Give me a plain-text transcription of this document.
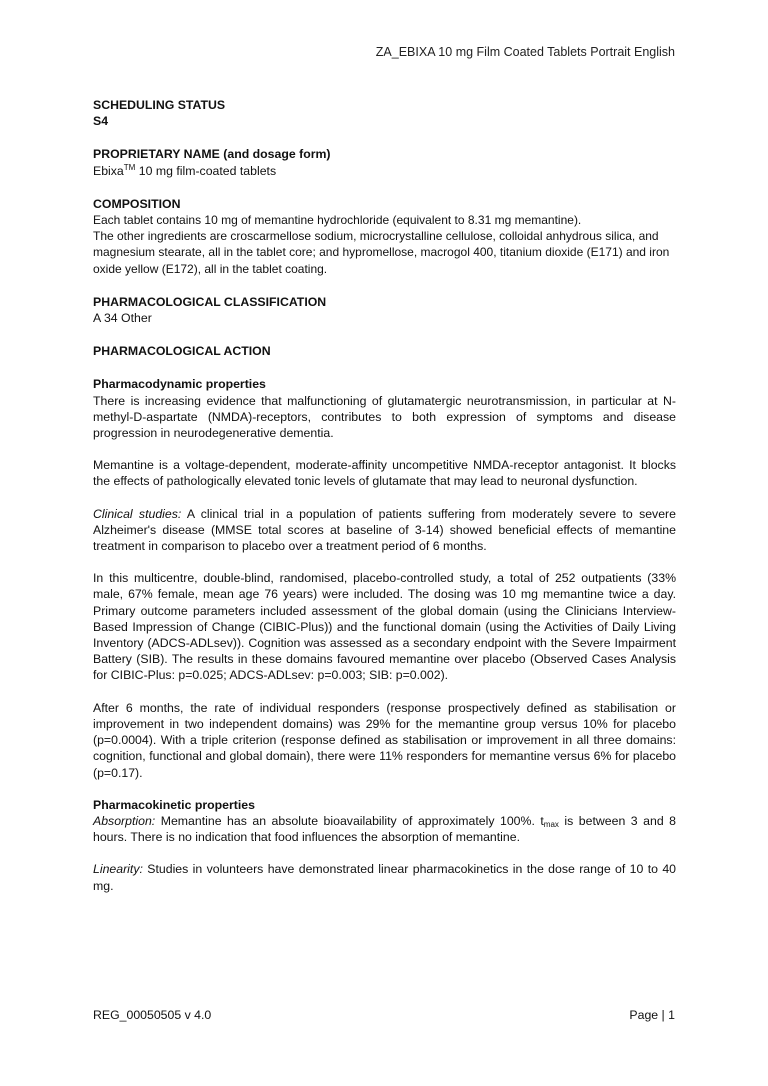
ZA_EBIXA 10 mg Film Coated Tablets Portrait English

SCHEDULING STATUS

S4

PROPRIETARY NAME (and dosage form)

Ebixa™ 10 mg film-coated tablets

COMPOSITION

Each tablet contains 10 mg of memantine hydrochloride (equivalent to 8.31 mg memantine).

The other ingredients are croscarmellose sodium, microcrystalline cellulose, colloidal anhydrous silica, and magnesium stearate, all in the tablet core; and hypromellose, macrogol 400, titanium dioxide (E171) and iron oxide yellow (E172), all in the tablet coating.

PHARMACOLOGICAL CLASSIFICATION

A 34 Other

PHARMACOLOGICAL ACTION

Pharmacodynamic properties

There is increasing evidence that malfunctioning of glutamatergic neurotransmission, in particular at N-methyl-D-aspartate (NMDA)-receptors, contributes to both expression of symptoms and disease progression in neurodegenerative dementia.

Memantine is a voltage-dependent, moderate-affinity uncompetitive NMDA-receptor antagonist. It blocks the effects of pathologically elevated tonic levels of glutamate that may lead to neuronal dysfunction.

Clinical studies: A clinical trial in a population of patients suffering from moderately severe to severe Alzheimer's disease (MMSE total scores at baseline of 3-14) showed beneficial effects of memantine treatment in comparison to placebo over a treatment period of 6 months.

In this multicentre, double-blind, randomised, placebo-controlled study, a total of 252 outpatients (33% male, 67% female, mean age 76 years) were included. The dosing was 10 mg memantine twice a day. Primary outcome parameters included assessment of the global domain (using the Clinicians Interview-Based Impression of Change (CIBIC-Plus)) and the functional domain (using the Activities of Daily Living Inventory (ADCS-ADLsev)). Cognition was assessed as a secondary endpoint with the Severe Impairment Battery (SIB). The results in these domains favoured memantine over placebo (Observed Cases Analysis for CIBIC-Plus: p=0.025; ADCS-ADLsev: p=0.003; SIB: p=0.002).

After 6 months, the rate of individual responders (response prospectively defined as stabilisation or improvement in two independent domains) was 29% for the memantine group versus 10% for placebo (p=0.0004). With a triple criterion (response defined as stabilisation or improvement in all three domains: cognition, functional and global domain), there were 11% responders for memantine versus 6% for placebo (p=0.17).

Pharmacokinetic properties

Absorption: Memantine has an absolute bioavailability of approximately 100%. $t_{max}$ is between 3 and 8 hours. There is no indication that food influences the absorption of memantine.

Linearity: Studies in volunteers have demonstrated linear pharmacokinetics in the dose range of 10 to 40 mg.

REG_00050505 v 4.0	Page | 1
